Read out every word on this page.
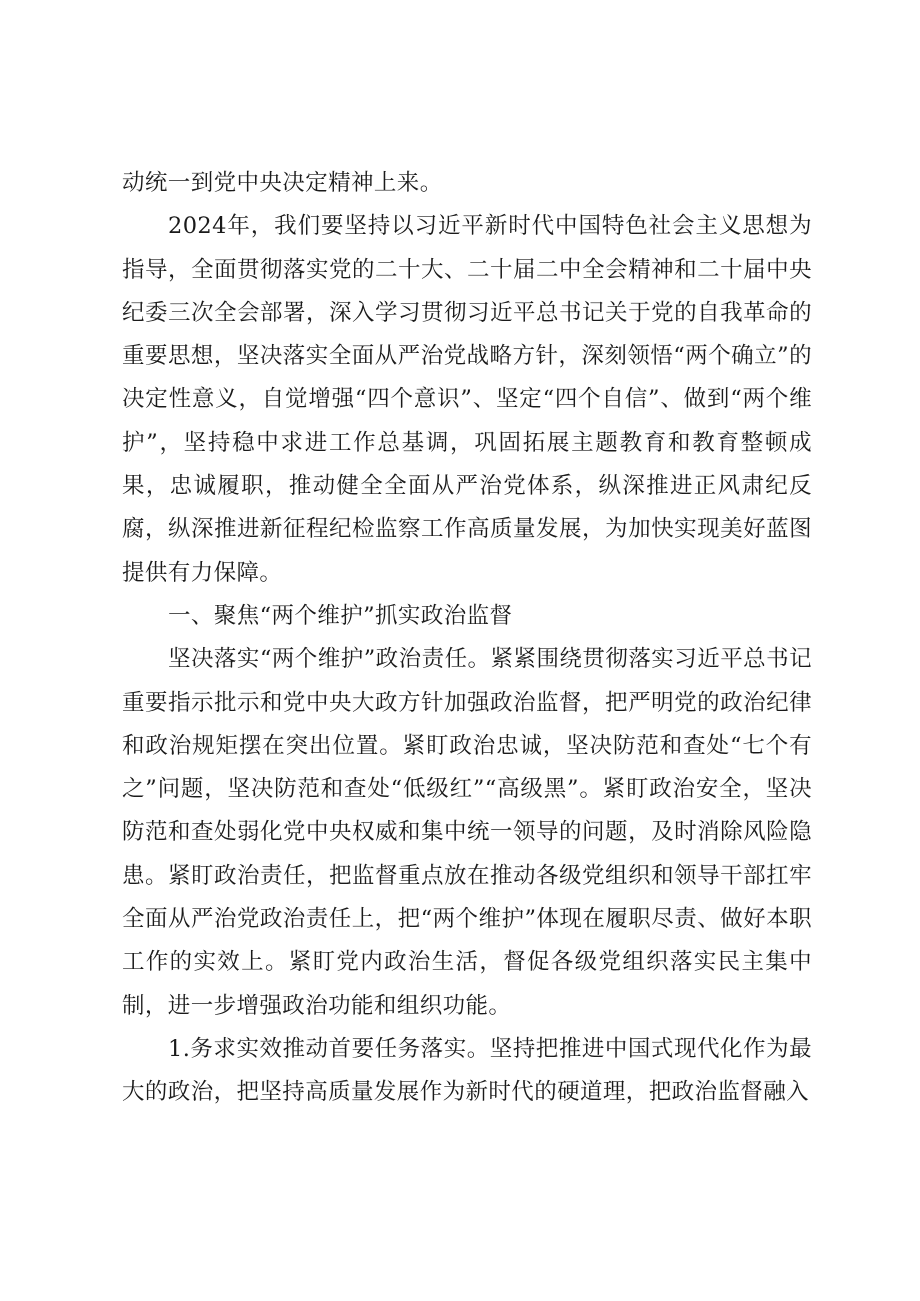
动统一到党中央决定精神上来。

2024年，我们要坚持以习近平新时代中国特色社会主义思想为指导，全面贯彻落实党的二十大、二十届二中全会精神和二十届中央纪委三次全会部署，深入学习贯彻习近平总书记关于党的自我革命的重要思想，坚决落实全面从严治党战略方针，深刻领悟“两个确立”的决定性意义，自觉增强“四个意识”、坚定“四个自信”、做到“两个维护”，坚持稳中求进工作总基调，巩固拓展主题教育和教育整顿成果，忠诚履职，推动健全全面从严治党体系，纵深推进正风肃纪反腐，纵深推进新征程纪检监察工作高质量发展，为加快实现美好蓝图提供有力保障。

一、聚焦“两个维护”抓实政治监督

坚决落实“两个维护”政治责任。紧紧围绕贯彻落实习近平总书记重要指示批示和党中央大政方针加强政治监督，把严明党的政治纪律和政治规矩摆在突出位置。紧盯政治忠诚，坚决防范和查处“七个有之”问题，坚决防范和查处“低级红”“高级黑”。紧盯政治安全，坚决防范和查处弱化党中央权威和集中统一领导的问题，及时消除风险隐患。紧盯政治责任，把监督重点放在推动各级党组织和领导干部扛牢全面从严治党政治责任上，把“两个维护”体现在履职尽责、做好本职工作的实效上。紧盯党内政治生活，督促各级党组织落实民主集中制，进一步增强政治功能和组织功能。

1.务求实效推动首要任务落实。坚持把推进中国式现代化作为最大的政治，把坚持高质量发展作为新时代的硬道理，把政治监督融入
